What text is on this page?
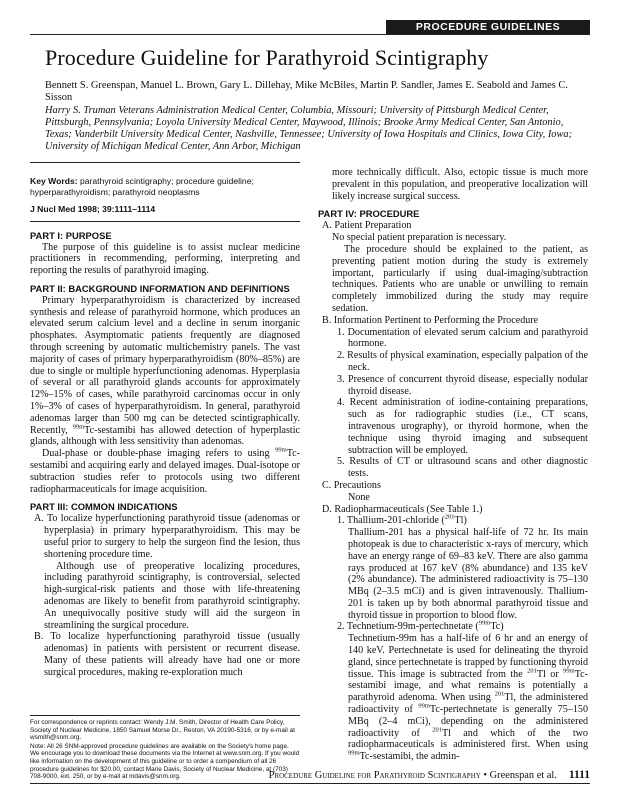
PROCEDURE GUIDELINES
Procedure Guideline for Parathyroid Scintigraphy
Bennett S. Greenspan, Manuel L. Brown, Gary L. Dillehay, Mike McBiles, Martin P. Sandler, James E. Seabold and James C. Sisson
Harry S. Truman Veterans Administration Medical Center, Columbia, Missouri; University of Pittsburgh Medical Center, Pittsburgh, Pennsylvania; Loyola University Medical Center, Maywood, Illinois; Brooke Army Medical Center, San Antonio, Texas; Vanderbilt University Medical Center, Nashville, Tennessee; University of Iowa Hospitals and Clinics, Iowa City, Iowa; University of Michigan Medical Center, Ann Arbor, Michigan

Key Words: parathyroid scintigraphy; procedure guideline; hyperparathyroidism; parathyroid neoplasms

J Nucl Med 1998; 39:1111–1114

PART I: PURPOSE

The purpose of this guideline is to assist nuclear medicine practitioners in recommending, performing, interpreting and reporting the results of parathyroid imaging.

PART II: BACKGROUND INFORMATION AND DEFINITIONS

Primary hyperparathyroidism is characterized by increased synthesis and release of parathyroid hormone, which produces an elevated serum calcium level and a decline in serum inorganic phosphates. Asymptomatic patients frequently are diagnosed through screening by automatic multichemistry panels. The vast majority of cases of primary hyperparathyroidism (80%–85%) are due to single or multiple hyperfunctioning adenomas. Hyperplasia of several or all parathyroid glands accounts for approximately 12%–15% of cases, while parathyroid carcinomas occur in only 1%–3% of cases of hyperparathyroidism. In general, parathyroid adenomas larger than 500 mg can be detected scintigraphically. Recently, $^{99m}$Tc-sestamibi has allowed detection of hyperplastic glands, although with less sensitivity than adenomas.

Dual-phase or double-phase imaging refers to using $^{99m}$Tc-sestamibi and acquiring early and delayed images. Dual-isotope or subtraction studies refer to protocols using two different radiopharmaceuticals for image acquisition.

PART III: COMMON INDICATIONS

A. To localize hyperfunctioning parathyroid tissue (adenomas or hyperplasia) in primary hyperparathyroidism. This may be useful prior to surgery to help the surgeon find the lesion, thus shortening procedure time.

Although use of preoperative localizing procedures, including parathyroid scintigraphy, is controversial, selected high-surgical-risk patients and those with life-threatening adenomas are likely to benefit from parathyroid scintigraphy. An unequivocally positive study will aid the surgeon in streamlining the surgical procedure.

B. To localize hyperfunctioning parathyroid tissue (usually adenomas) in patients with persistent or recurrent disease. Many of these patients will already have had one or more surgical procedures, making re-exploration much

For correspondence or reprints contact: Wendy J.M. Smith, Director of Health Care Policy, Society of Nuclear Medicine, 1850 Samuel Morse Dr., Reston, VA 20190-5316, or by e-mail at wsmith@snm.org.

Note: All 26 SNM-approved procedure guidelines are available on the Society's home page. We encourage you to download these documents via the Internet at www.snm.org. If you would like information on the development of this guideline or to order a compendium of all 26 procedure guidelines for $20.00, contact Marie Davis, Society of Nuclear Medicine, at (703) 708-9000, ext. 250, or by e-mail at mdavis@snm.org.

more technically difficult. Also, ectopic tissue is much more prevalent in this population, and preoperative localization will likely increase surgical success.

PART IV: PROCEDURE

A. Patient Preparation

No special patient preparation is necessary.

The procedure should be explained to the patient, as preventing patient motion during the study is extremely important, particularly if using dual-imaging/subtraction techniques. Patients who are unable or unwilling to remain completely immobilized during the study may require sedation.

B. Information Pertinent to Performing the Procedure

1. Documentation of elevated serum calcium and parathyroid hormone.

2. Results of physical examination, especially palpation of the neck.

3. Presence of concurrent thyroid disease, especially nodular thyroid disease.

4. Recent administration of iodine-containing preparations, such as for radiographic studies (i.e., CT scans, intravenous urography), or thyroid hormone, when the technique using thyroid imaging and subsequent subtraction will be employed.

5. Results of CT or ultrasound scans and other diagnostic tests.

C. Precautions

None

D. Radiopharmaceuticals (See Table 1.)

1. Thallium-201-chloride ($^{201}$Tl)

Thallium-201 has a physical half-life of 72 hr. Its main photopeak is due to characteristic x-rays of mercury, which have an energy range of 69–83 keV. There are also gamma rays produced at 167 keV (8% abundance) and 135 keV (2% abundance). The administered radioactivity is 75–130 MBq (2–3.5 mCi) and is given intravenously. Thallium-201 is taken up by both abnormal parathyroid tissue and thyroid tissue in proportion to blood flow.

2. Technetium-99m-pertechnetate ($^{99m}$Tc)

Technetium-99m has a half-life of 6 hr and an energy of 140 keV. Pertechnetate is used for delineating the thyroid gland, since pertechnetate is trapped by functioning thyroid tissue. This image is subtracted from the $^{201}$Tl or $^{99m}$Tc-sestamibi image, and what remains is potentially a parathyroid adenoma. When using $^{201}$Tl, the administered radioactivity of $^{99m}$Tc-pertechnetate is generally 75–150 MBq (2–4 mCi), depending on the administered radioactivity of $^{201}$Tl and which of the two radiopharmaceuticals is administered first. When using $^{99m}$Tc-sestamibi, the admin-

Procedure Guideline for Parathyroid Scintigraphy • Greenspan et al. 1111
